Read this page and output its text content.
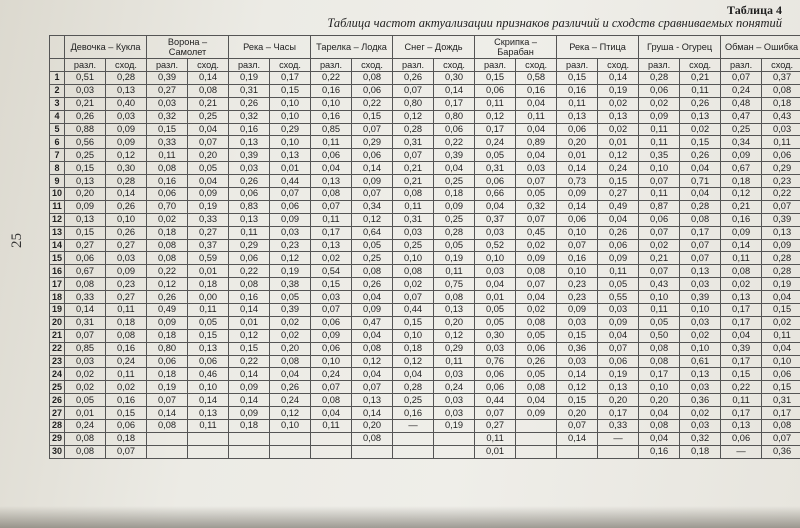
25
Таблица 4
Таблица частот актуализации признаков различий и сходств сравниваемых понятий
	Девочка – Кукла		Ворона – Самолет		Река – Часы		Тарелка – Лодка		Снег – Дождь		Скрипка – Барабан		Река – Птица		Груша - Огурец		Обман – Ошибка	
	разл.	сход.	разл.	сход.	разл.	сход.	разл.	сход.	разл.	сход.	разл.	сход.	разл.	сход.	разл.	сход.	разл.	сход.
1	0,51	0,28	0,39	0,14	0,19	0,17	0,22	0,08	0,26	0,30	0,15	0,58	0,15	0,14	0,28	0,21	0,07	0,37
2	0,03	0,13	0,27	0,08	0,31	0,15	0,16	0,06	0,07	0,14	0,06	0,16	0,16	0,19	0,06	0,11	0,24	0,08
3	0,21	0,40	0,03	0,21	0,26	0,10	0,10	0,22	0,80	0,17	0,11	0,04	0,11	0,02	0,02	0,26	0,48	0,18
4	0,26	0,03	0,32	0,25	0,32	0,10	0,16	0,15	0,12	0,80	0,12	0,11	0,13	0,13	0,09	0,13	0,47	0,43
5	0,88	0,09	0,15	0,04	0,16	0,29	0,85	0,07	0,28	0,06	0,17	0,04	0,06	0,02	0,11	0,02	0,25	0,03
6	0,56	0,09	0,33	0,07	0,13	0,10	0,11	0,29	0,31	0,22	0,24	0,89	0,20	0,01	0,11	0,15	0,34	0,11
7	0,25	0,12	0,11	0,20	0,39	0,13	0,06	0,06	0,07	0,39	0,05	0,04	0,01	0,12	0,35	0,26	0,09	0,06
8	0,15	0,30	0,08	0,05	0,03	0,01	0,04	0,14	0,21	0,04	0,31	0,03	0,14	0,24	0,10	0,04	0,67	0,29
9	0,13	0,28	0,16	0,04	0,26	0,44	0,13	0,09	0,21	0,25	0,06	0,07	0,73	0,15	0,07	0,71	0,18	0,23
10	0,20	0,14	0,06	0,09	0,06	0,07	0,08	0,07	0,08	0,18	0,66	0,05	0,09	0,27	0,11	0,04	0,12	0,22
11	0,09	0,26	0,70	0,19	0,83	0,06	0,07	0,34	0,11	0,09	0,04	0,32	0,14	0,49	0,87	0,28	0,21	0,07
12	0,13	0,10	0,02	0,33	0,13	0,09	0,11	0,12	0,31	0,25	0,37	0,07	0,06	0,04	0,06	0,08	0,16	0,39
13	0,15	0,26	0,18	0,27	0,11	0,03	0,17	0,64	0,03	0,28	0,03	0,45	0,10	0,26	0,07	0,17	0,09	0,13
14	0,27	0,27	0,08	0,37	0,29	0,23	0,13	0,05	0,25	0,05	0,52	0,02	0,07	0,06	0,02	0,07	0,14	0,09
15	0,06	0,03	0,08	0,59	0,06	0,12	0,02	0,25	0,10	0,19	0,10	0,09	0,16	0,09	0,21	0,07	0,11	0,28
16	0,67	0,09	0,22	0,01	0,22	0,19	0,54	0,08	0,08	0,11	0,03	0,08	0,10	0,11	0,07	0,13	0,08	0,28
17	0,08	0,23	0,12	0,18	0,08	0,38	0,15	0,26	0,02	0,75	0,04	0,07	0,23	0,05	0,43	0,03	0,02	0,19
18	0,33	0,27	0,26	0,00	0,16	0,05	0,03	0,04	0,07	0,08	0,01	0,04	0,23	0,55	0,10	0,39	0,13	0,04
19	0,14	0,11	0,49	0,11	0,14	0,39	0,07	0,09	0,44	0,13	0,05	0,02	0,09	0,03	0,11	0,10	0,17	0,15
20	0,31	0,18	0,09	0,05	0,01	0,02	0,06	0,47	0,15	0,20	0,05	0,08	0,03	0,09	0,05	0,03	0,17	0,02
21	0,07	0,08	0,18	0,15	0,12	0,02	0,09	0,04	0,10	0,12	0,30	0,05	0,15	0,04	0,50	0,02	0,04	0,11
22	0,85	0,16	0,80	0,13	0,15	0,20	0,06	0,08	0,18	0,29	0,03	0,06	0,36	0,07	0,08	0,10	0,39	0,04
23	0,03	0,24	0,06	0,06	0,22	0,08	0,10	0,12	0,12	0,11	0,76	0,26	0,03	0,06	0,08	0,61	0,17	0,10
24	0,02	0,11	0,18	0,46	0,14	0,04	0,24	0,04	0,04	0,03	0,06	0,05	0,14	0,19	0,17	0,13	0,15	0,06
25	0,02	0,02	0,19	0,10	0,09	0,26	0,07	0,07	0,28	0,24	0,06	0,08	0,12	0,13	0,10	0,03	0,22	0,15
26	0,05	0,16	0,07	0,14	0,14	0,24	0,08	0,13	0,25	0,03	0,44	0,04	0,15	0,20	0,20	0,36	0,11	0,31
27	0,01	0,15	0,14	0,13	0,09	0,12	0,04	0,14	0,16	0,03	0,07	0,09	0,20	0,17	0,04	0,02	0,17	0,17
28	0,24	0,06	0,08	0,11	0,18	0,10	0,11	0,20	—	0,19	0,27		0,07	0,33	0,08	0,03	0,13	0,08
29	0,08	0,18						0,08			0,11		0,14	—	0,04	0,32	0,06	0,07
30	0,08	0,07									0,01				0,16	0,18	—	0,36
